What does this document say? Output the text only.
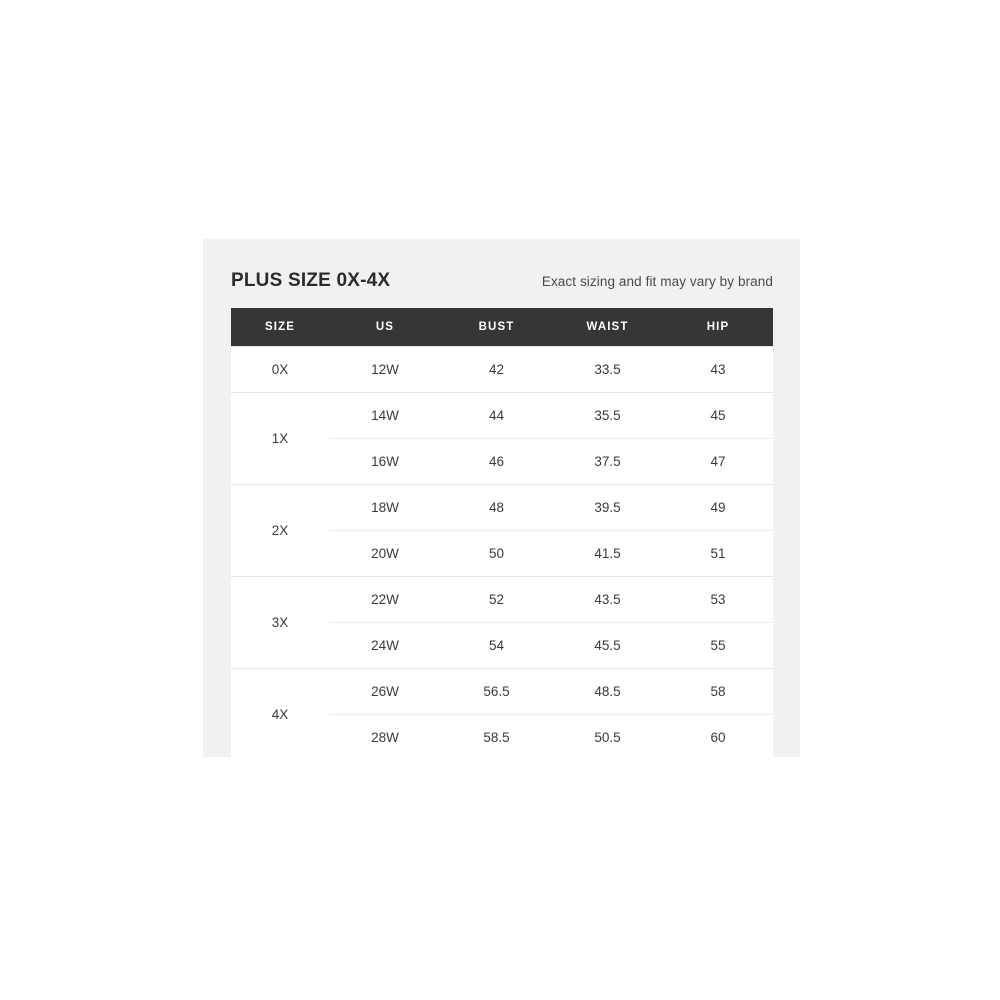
PLUS SIZE 0X-4X	Exact sizing and fit may vary by brand
SIZE	US	BUST	WAIST	HIP
0X	12W	42	33.5	43
1X	14W	44	35.5	45
	16W	46	37.5	47
2X	18W	48	39.5	49
	20W	50	41.5	51
3X	22W	52	43.5	53
	24W	54	45.5	55
4X	26W	56.5	48.5	58
	28W	58.5	50.5	60
